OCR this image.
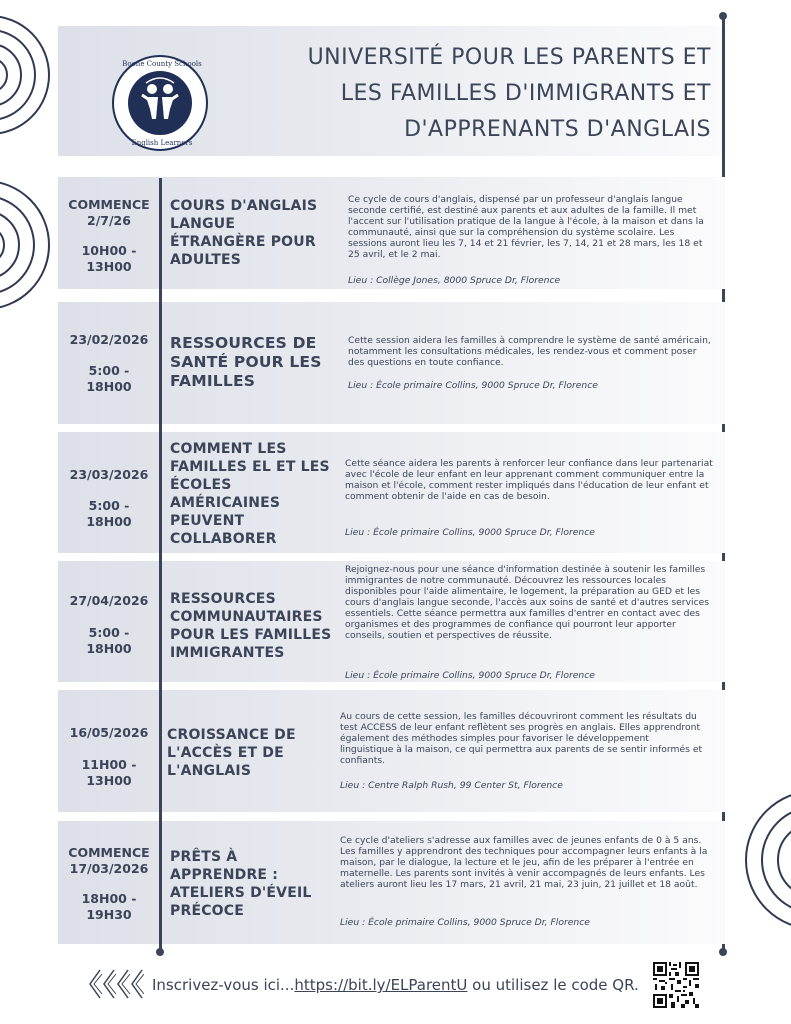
Boone County Schools
English Learners
UNIVERSITÉ POUR LES PARENTS ET
LES FAMILLES D'IMMIGRANTS ET
D'APPRENANTS D'ANGLAIS
COMMENCE
2/7/26
10H00 -
13H00
COURS D'ANGLAIS
LANGUE
ÉTRANGÈRE POUR
ADULTES
Ce cycle de cours d'anglais, dispensé par un professeur d'anglais langue seconde certifié, est destiné aux parents et aux adultes de la famille. Il met l'accent sur l'utilisation pratique de la langue à l'école, à la maison et dans la communauté, ainsi que sur la compréhension du système scolaire. Les sessions auront lieu les 7, 14 et 21 février, les 7, 14, 21 et 28 mars, les 18 et 25 avril, et le 2 mai.
Lieu : Collège Jones, 8000 Spruce Dr, Florence
23/02/2026
5:00 -
18H00
RESSOURCES DE
SANTÉ POUR LES
FAMILLES
Cette session aidera les familles à comprendre le système de santé américain, notamment les consultations médicales, les rendez-vous et comment poser des questions en toute confiance.
Lieu : École primaire Collins, 9000 Spruce Dr, Florence
23/03/2026
5:00 -
18H00
COMMENT LES
FAMILLES EL ET LES
ÉCOLES
AMÉRICAINES
PEUVENT
COLLABORER
Cette séance aidera les parents à renforcer leur confiance dans leur partenariat avec l'école de leur enfant en leur apprenant comment communiquer entre la maison et l'école, comment rester impliqués dans l'éducation de leur enfant et comment obtenir de l'aide en cas de besoin.
Lieu : École primaire Collins, 9000 Spruce Dr, Florence
27/04/2026
5:00 -
18H00
RESSOURCES
COMMUNAUTAIRES
POUR LES FAMILLES
IMMIGRANTES
Rejoignez-nous pour une séance d'information destinée à soutenir les familles immigrantes de notre communauté. Découvrez les ressources locales disponibles pour l'aide alimentaire, le logement, la préparation au GED et les cours d'anglais langue seconde, l'accès aux soins de santé et d'autres services essentiels. Cette séance permettra aux familles d'entrer en contact avec des organismes et des programmes de confiance qui pourront leur apporter conseils, soutien et perspectives de réussite.
Lieu : École primaire Collins, 9000 Spruce Dr, Florence
16/05/2026
11H00 -
13H00
CROISSANCE DE
L'ACCÈS ET DE
L'ANGLAIS
Au cours de cette session, les familles découvriront comment les résultats du test ACCESS de leur enfant reflètent ses progrès en anglais. Elles apprendront également des méthodes simples pour favoriser le développement linguistique à la maison, ce qui permettra aux parents de se sentir informés et confiants.
Lieu : Centre Ralph Rush, 99 Center St, Florence
COMMENCE
17/03/2026
18H00 -
19H30
PRÊTS À
APPRENDRE :
ATELIERS D'ÉVEIL
PRÉCOCE
Ce cycle d'ateliers s'adresse aux familles avec de jeunes enfants de 0 à 5 ans. Les familles y apprendront des techniques pour accompagner leurs enfants à la maison, par le dialogue, la lecture et le jeu, afin de les préparer à l'entrée en maternelle. Les parents sont invités à venir accompagnés de leurs enfants. Les ateliers auront lieu les 17 mars, 21 avril, 21 mai, 23 juin, 21 juillet et 18 août.
Lieu : École primaire Collins, 9000 Spruce Dr, Florence
Inscrivez-vous ici...https://bit.ly/ELParentU ou utilisez le code QR.
